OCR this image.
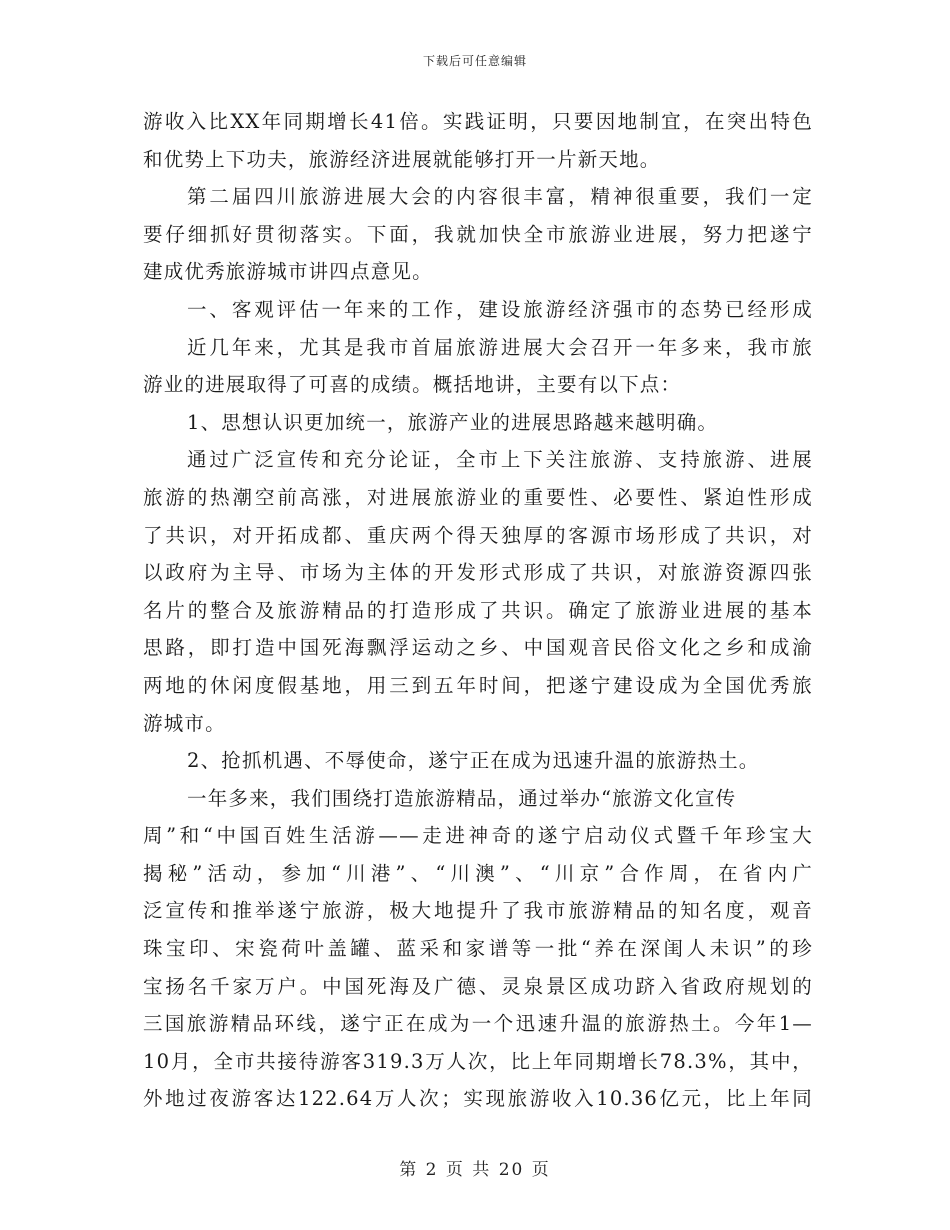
下载后可任意编辑
游收入比XX年同期增长41倍。实践证明，只要因地制宜，在突出特色
和优势上下功夫，旅游经济进展就能够打开一片新天地。
第二届四川旅游进展大会的内容很丰富，精神很重要，我们一定
要仔细抓好贯彻落实。下面，我就加快全市旅游业进展，努力把遂宁
建成优秀旅游城市讲四点意见。
一、客观评估一年来的工作，建设旅游经济强市的态势已经形成
近几年来，尤其是我市首届旅游进展大会召开一年多来，我市旅
游业的进展取得了可喜的成绩。概括地讲，主要有以下点：
1、思想认识更加统一，旅游产业的进展思路越来越明确。
通过广泛宣传和充分论证，全市上下关注旅游、支持旅游、进展
旅游的热潮空前高涨，对进展旅游业的重要性、必要性、紧迫性形成
了共识，对开拓成都、重庆两个得天独厚的客源市场形成了共识，对
以政府为主导、市场为主体的开发形式形成了共识，对旅游资源四张
名片的整合及旅游精品的打造形成了共识。确定了旅游业进展的基本
思路，即打造中国死海飘浮运动之乡、中国观音民俗文化之乡和成渝
两地的休闲度假基地，用三到五年时间，把遂宁建设成为全国优秀旅
游城市。
2、抢抓机遇、不辱使命，遂宁正在成为迅速升温的旅游热土。
一年多来，我们围绕打造旅游精品，通过举办“旅游文化宣传
周”和“中国百姓生活游——走进神奇的遂宁启动仪式暨千年珍宝大
揭秘”活动，参加“川港”、“川澳”、“川京”合作周，在省内广
泛宣传和推举遂宁旅游，极大地提升了我市旅游精品的知名度，观音
珠宝印、宋瓷荷叶盖罐、蓝采和家谱等一批“养在深闺人未识”的珍
宝扬名千家万户。中国死海及广德、灵泉景区成功跻入省政府规划的
三国旅游精品环线，遂宁正在成为一个迅速升温的旅游热土。今年1—
10月，全市共接待游客319.3万人次，比上年同期增长78.3%，其中，
外地过夜游客达122.64万人次；实现旅游收入10.36亿元，比上年同
第 2 页 共 20 页
